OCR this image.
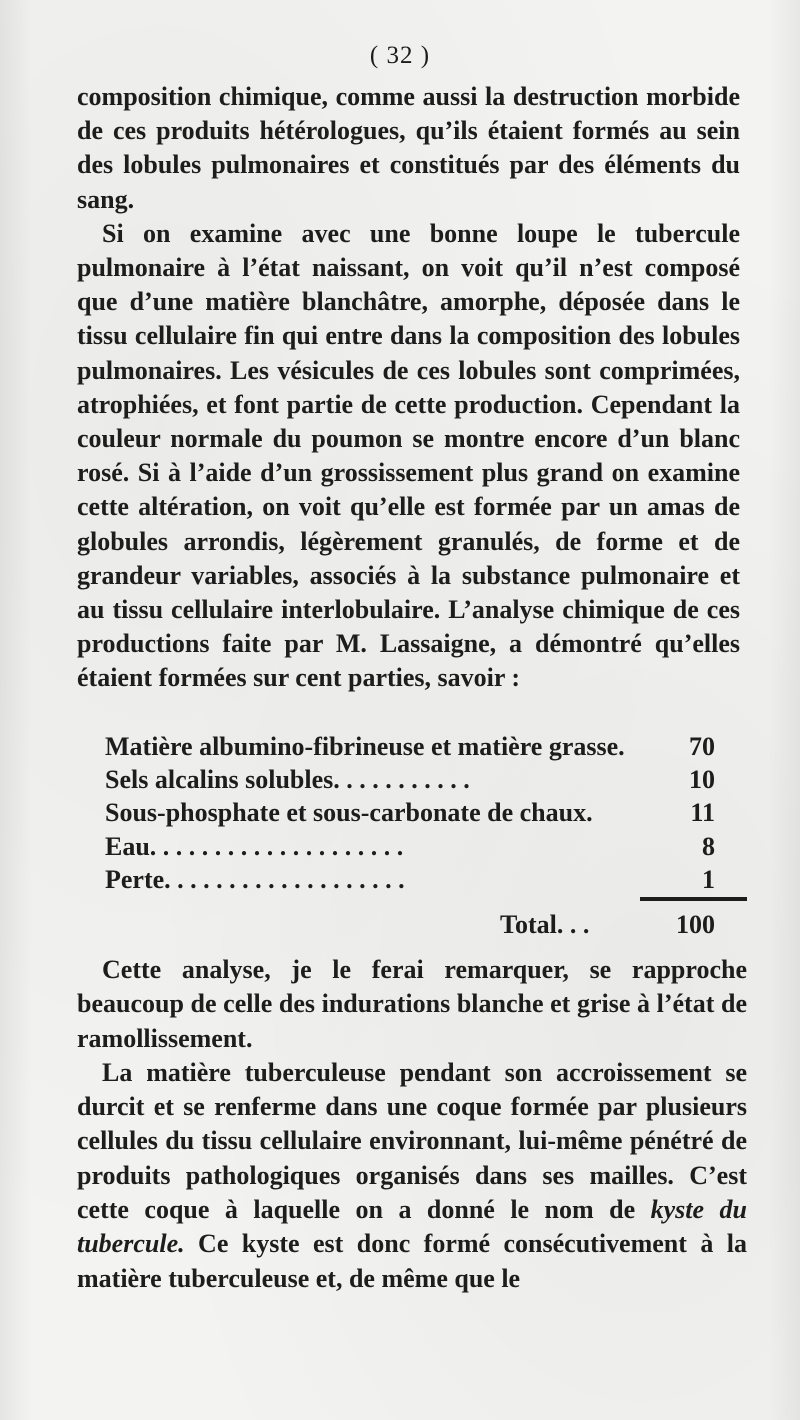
( 32 )

composition chimique, comme aussi la destruction morbide de ces produits hétérologues, qu’ils étaient formés au sein des lobules pulmonaires et constitués par des éléments du sang.

Si on examine avec une bonne loupe le tubercule pulmonaire à l’état naissant, on voit qu’il n’est composé que d’une matière blanchâtre, amorphe, déposée dans le tissu cellulaire fin qui entre dans la composition des lobules pulmonaires. Les vésicules de ces lobules sont comprimées, atrophiées, et font partie de cette production. Cependant la couleur normale du poumon se montre encore d’un blanc rosé. Si à l’aide d’un grossissement plus grand on examine cette altération, on voit qu’elle est formée par un amas de globules arrondis, légèrement granulés, de forme et de grandeur variables, associés à la substance pulmonaire et au tissu cellulaire interlobulaire. L’analyse chimique de ces productions faite par M. Lassaigne, a démontré qu’elles étaient formées sur cent parties, savoir :

Matière albumino-fibrineuse et matière grasse. 70
Sels alcalins solubles. . . . . . . . . . .	10
Sous-phosphate et sous-carbonate de chaux.	11
Eau. . . . . . . . . . . . . . . . . . . .	8
Perte. . . . . . . . . . . . . . . . . . .	1
Total. . .	100

Cette analyse, je le ferai remarquer, se rapproche beaucoup de celle des indurations blanche et grise à l’état de ramollissement.

La matière tuberculeuse pendant son accroissement se durcit et se renferme dans une coque formée par plusieurs cellules du tissu cellulaire environnant, lui-même pénétré de produits pathologiques organisés dans ses mailles. C’est cette coque à laquelle on a donné le nom de kyste du tubercule. Ce kyste est donc formé consécutivement à la matière tuberculeuse et, de même que le
